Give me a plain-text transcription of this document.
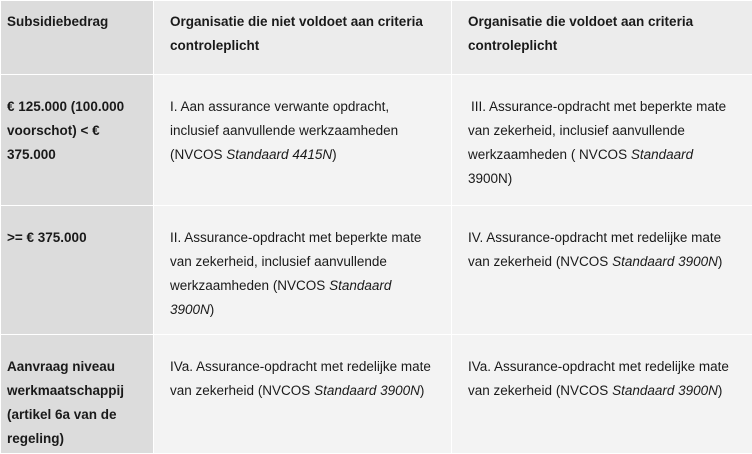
Subsidiebedrag	Organisatie die niet voldoet aan criteria controleplicht	Organisatie die voldoet aan criteria controleplicht
€ 125.000 (100.000 voorschot) < € 375.000	I. Aan assurance verwante opdracht, inclusief aanvullende werkzaamheden (NVCOS Standaard 4415N)	III. Assurance-opdracht met beperkte mate van zekerheid, inclusief aanvullende werkzaamheden ( NVCOS Standaard 3900N)
>= € 375.000	II. Assurance-opdracht met beperkte mate van zekerheid, inclusief aanvullende werkzaamheden (NVCOS Standaard 3900N)	IV. Assurance-opdracht met redelijke mate van zekerheid (NVCOS Standaard 3900N)
Aanvraag niveau werkmaatschappij (artikel 6a van de regeling)	IVa. Assurance-opdracht met redelijke mate van zekerheid (NVCOS Standaard 3900N)	IVa. Assurance-opdracht met redelijke mate van zekerheid (NVCOS Standaard 3900N)
